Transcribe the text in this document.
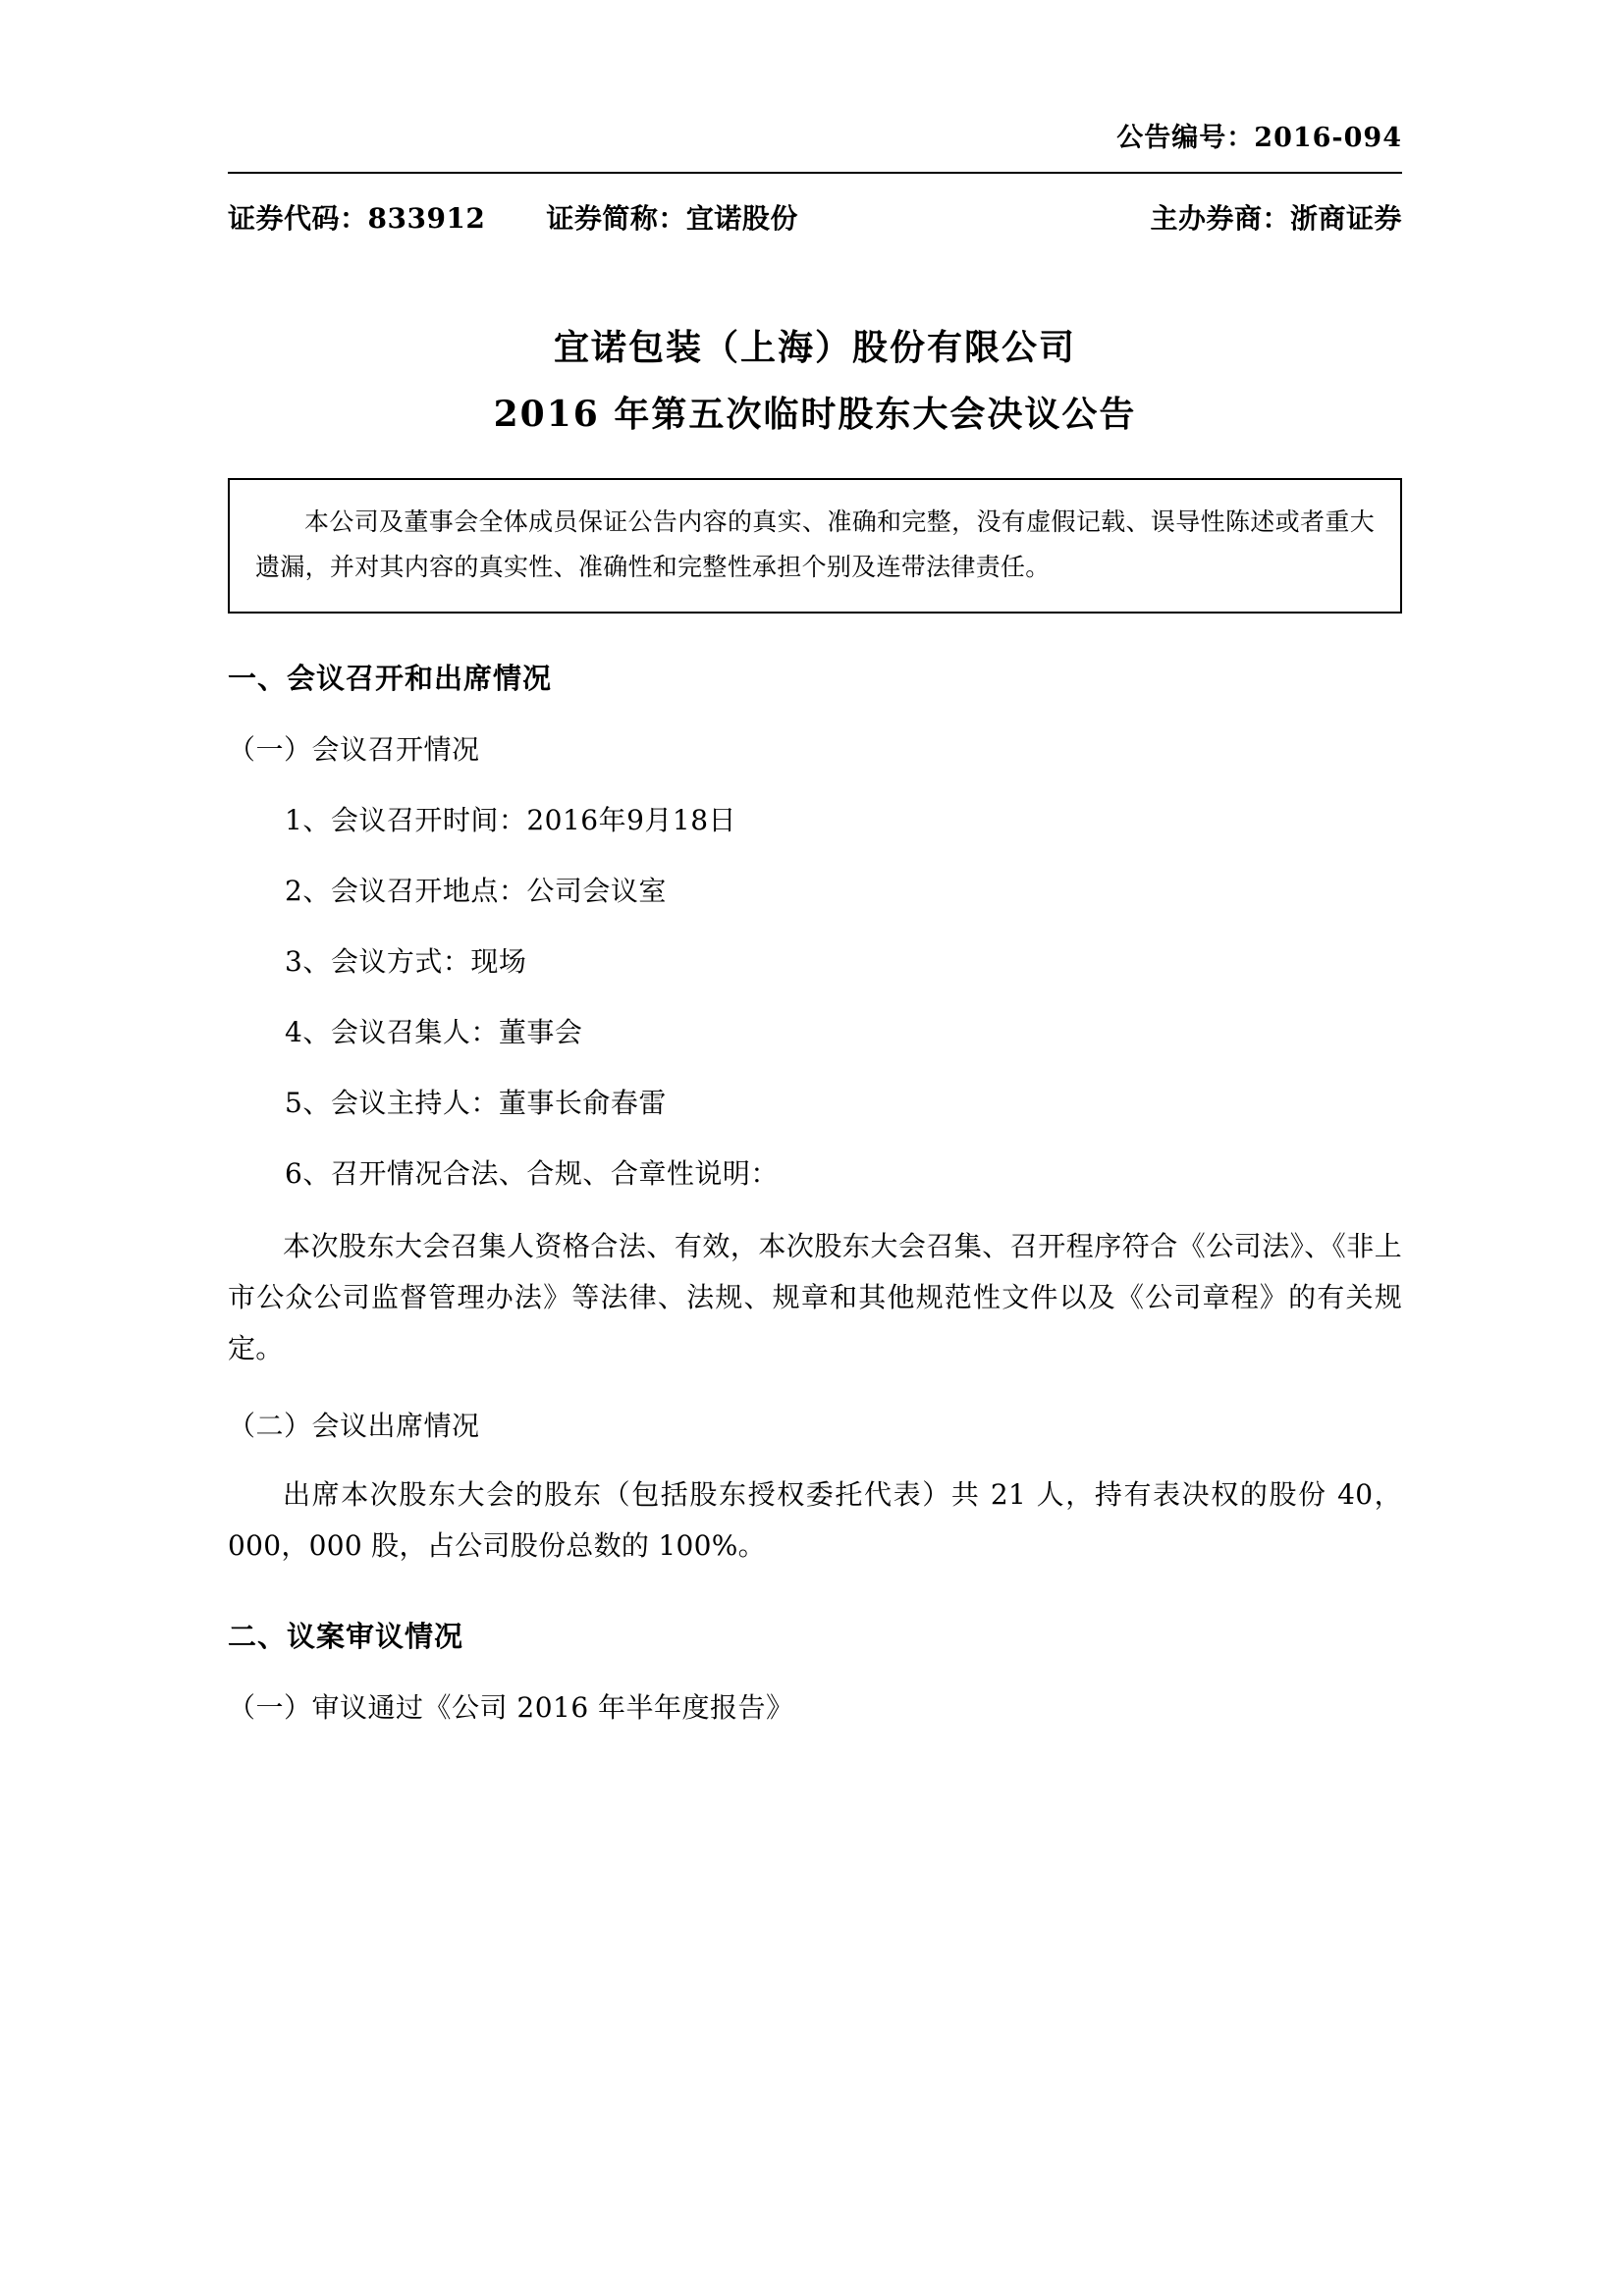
公告编号：2016-094
证券代码：833912 证券简称：宜诺股份	主办券商：浙商证券
宜诺包装（上海）股份有限公司
2016 年第五次临时股东大会决议公告

本公司及董事会全体成员保证公告内容的真实、准确和完整，没有虚假记载、误导性陈述或者重大遗漏，并对其内容的真实性、准确性和完整性承担个别及连带法律责任。

一、会议召开和出席情况

（一）会议召开情况

1、会议召开时间：2016年9月18日

2、会议召开地点：公司会议室

3、会议方式：现场

4、会议召集人：董事会

5、会议主持人：董事长俞春雷

6、召开情况合法、合规、合章性说明：

本次股东大会召集人资格合法、有效，本次股东大会召集、召开程序符合《公司法》、《非上市公众公司监督管理办法》等法律、法规、规章和其他规范性文件以及《公司章程》的有关规定。

（二）会议出席情况

出席本次股东大会的股东（包括股东授权委托代表）共 21 人，持有表决权的股份 40，000，000 股，占公司股份总数的 100%。

二、议案审议情况

（一）审议通过《公司 2016 年半年度报告》
